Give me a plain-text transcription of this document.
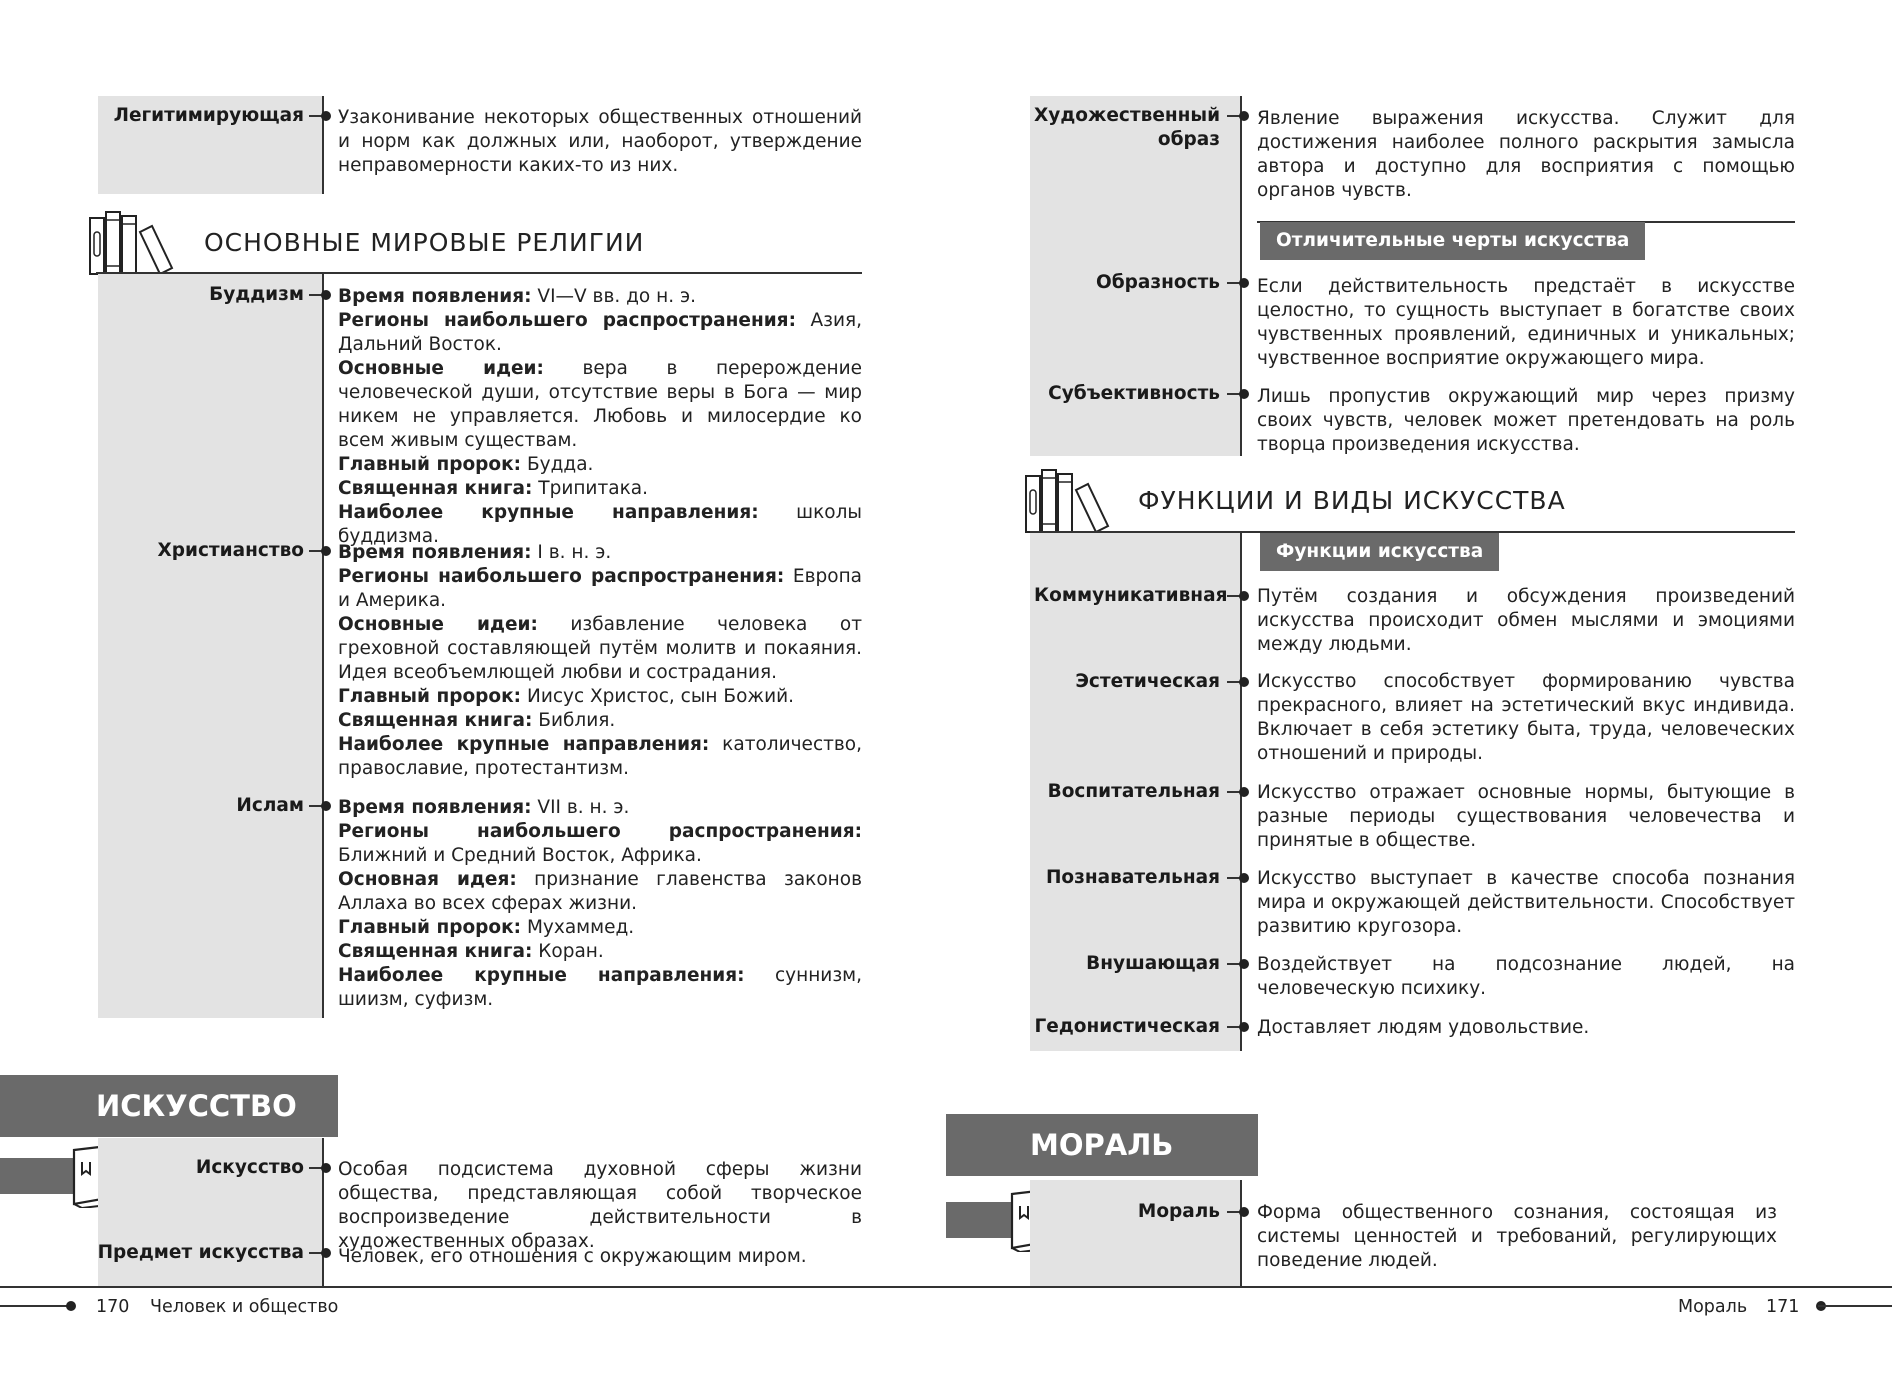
Легитимирующая Узаконивание некоторых общественных отношений и норм как должных или, наоборот, утверждение неправомерности каких-то из них.
ОСНОВНЫЕ МИРОВЫЕ РЕЛИГИИ
Буддизм Время появления: VI—V вв. до н. э.
Регионы наибольшего распространения: Азия, Дальний Восток.
Основные идеи: вера в перерождение человеческой души, отсутствие веры в Бога — мир никем не управляется. Любовь и милосердие ко всем живым существам.
Главный пророк: Будда.
Священная книга: Трипитака.
Наиболее крупные направления: школы буддизма.
Христианство Время появления: I в. н. э.
Регионы наибольшего распространения: Европа и Америка.
Основные идеи: избавление человека от греховной составляющей путём молитв и покаяния. Идея всеобъемлющей любви и сострадания.
Главный пророк: Иисус Христос, сын Божий.
Священная книга: Библия.
Наиболее крупные направления: католичество, православие, протестантизм.
Ислам Время появления: VII в. н. э.
Регионы наибольшего распространения: Ближний и Средний Восток, Африка.
Основная идея: признание главенства законов Аллаха во всех сферах жизни.
Главный пророк: Мухаммед.
Священная книга: Коран.
Наиболее крупные направления: суннизм, шиизм, суфизм.
ИСКУССТВО
Искусство Особая подсистема духовной сферы жизни общества, представляющая собой творческое воспроизведение действительности в художественных образах.
Предмет искусства Человек, его отношения с окружающим миром.
170 Человек и общество
Художественный образ
Явление выражения искусства. Служит для достижения наиболее полного раскрытия замысла автора и доступно для восприятия с помощью органов чувств.
Отличительные черты искусства
Образность Если действительность предстаёт в искусстве целостно, то сущность выступает в богатстве своих чувственных проявлений, единичных и уникальных; чувственное восприятие окружающего мира.
Субъективность Лишь пропустив окружающий мир через призму своих чувств, человек может претендовать на роль творца произведения искусства.
ФУНКЦИИ И ВИДЫ ИСКУССТВА
Функции искусства
Коммуникативная Путём создания и обсуждения произведений искусства происходит обмен мыслями и эмоциями между людьми.
Эстетическая Искусство способствует формированию чувства прекрасного, влияет на эстетический вкус индивида. Включает в себя эстетику быта, труда, человеческих отношений и природы.
Воспитательная Искусство отражает основные нормы, бытующие в разные периоды существования человечества и принятые в обществе.
Познавательная Искусство выступает в качестве способа познания мира и окружающей действительности. Способствует развитию кругозора.
Внушающая Воздействует на подсознание людей, на человеческую психику.
Гедонистическая Доставляет людям удовольствие.
МОРАЛЬ
Мораль Форма общественного сознания, состоящая из системы ценностей и требований, регулирующих поведение людей.
Мораль 171
